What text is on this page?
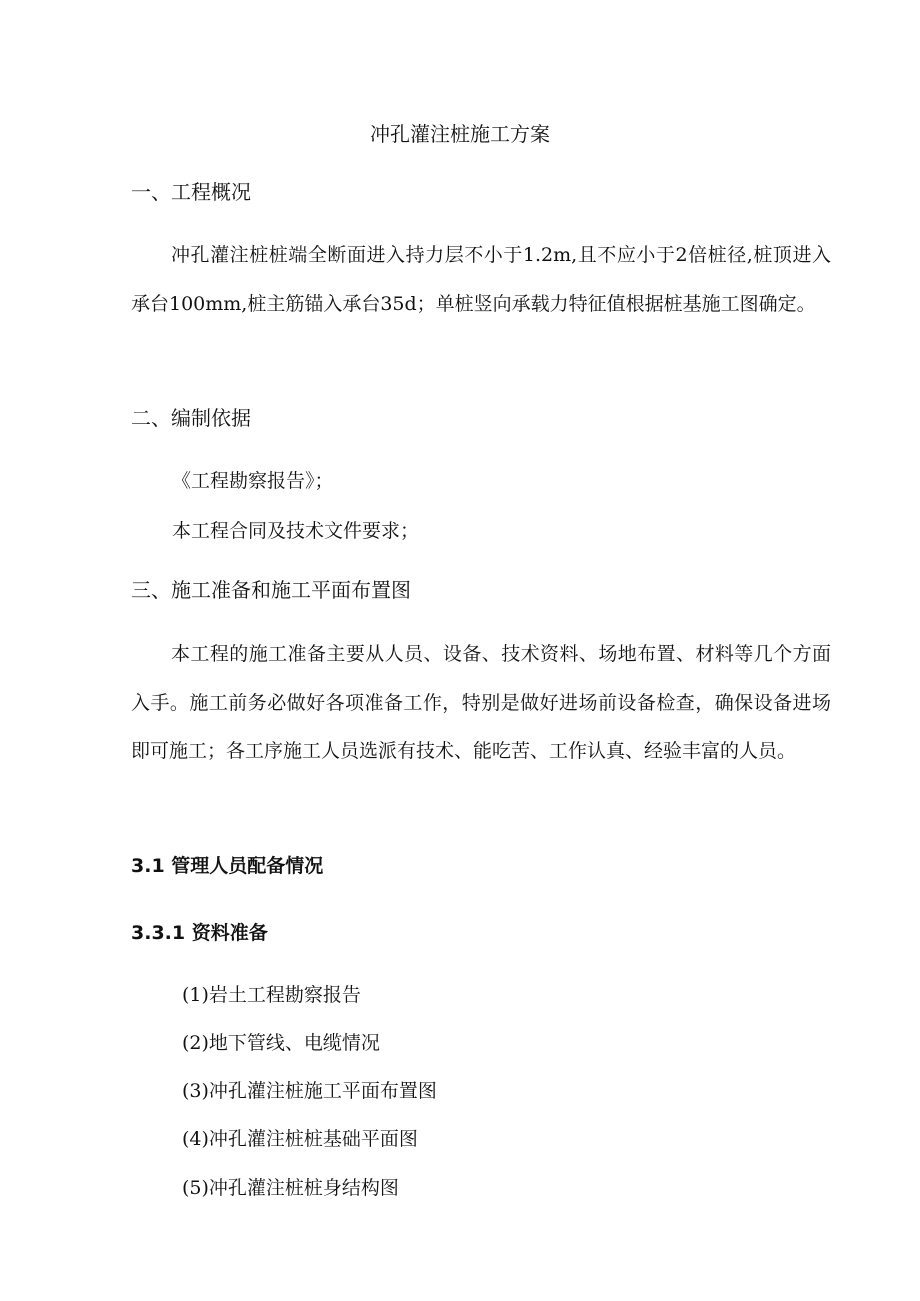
冲孔灌注桩施工方案
一、工程概况

冲孔灌注桩桩端全断面进入持力层不小于1.2m,且不应小于2倍桩径,桩顶进入承台100mm,桩主筋锚入承台35d；单桩竖向承载力特征值根据桩基施工图确定。

二、编制依据
《工程勘察报告》；
本工程合同及技术文件要求；
三、施工准备和施工平面布置图

本工程的施工准备主要从人员、设备、技术资料、场地布置、材料等几个方面入手。施工前务必做好各项准备工作，特别是做好进场前设备检查，确保设备进场即可施工；各工序施工人员选派有技术、能吃苦、工作认真、经验丰富的人员。

3.1 管理人员配备情况
3.3.1 资料准备
(1)岩土工程勘察报告
(2)地下管线、电缆情况
(3)冲孔灌注桩施工平面布置图
(4)冲孔灌注桩桩基础平面图
(5)冲孔灌注桩桩身结构图
